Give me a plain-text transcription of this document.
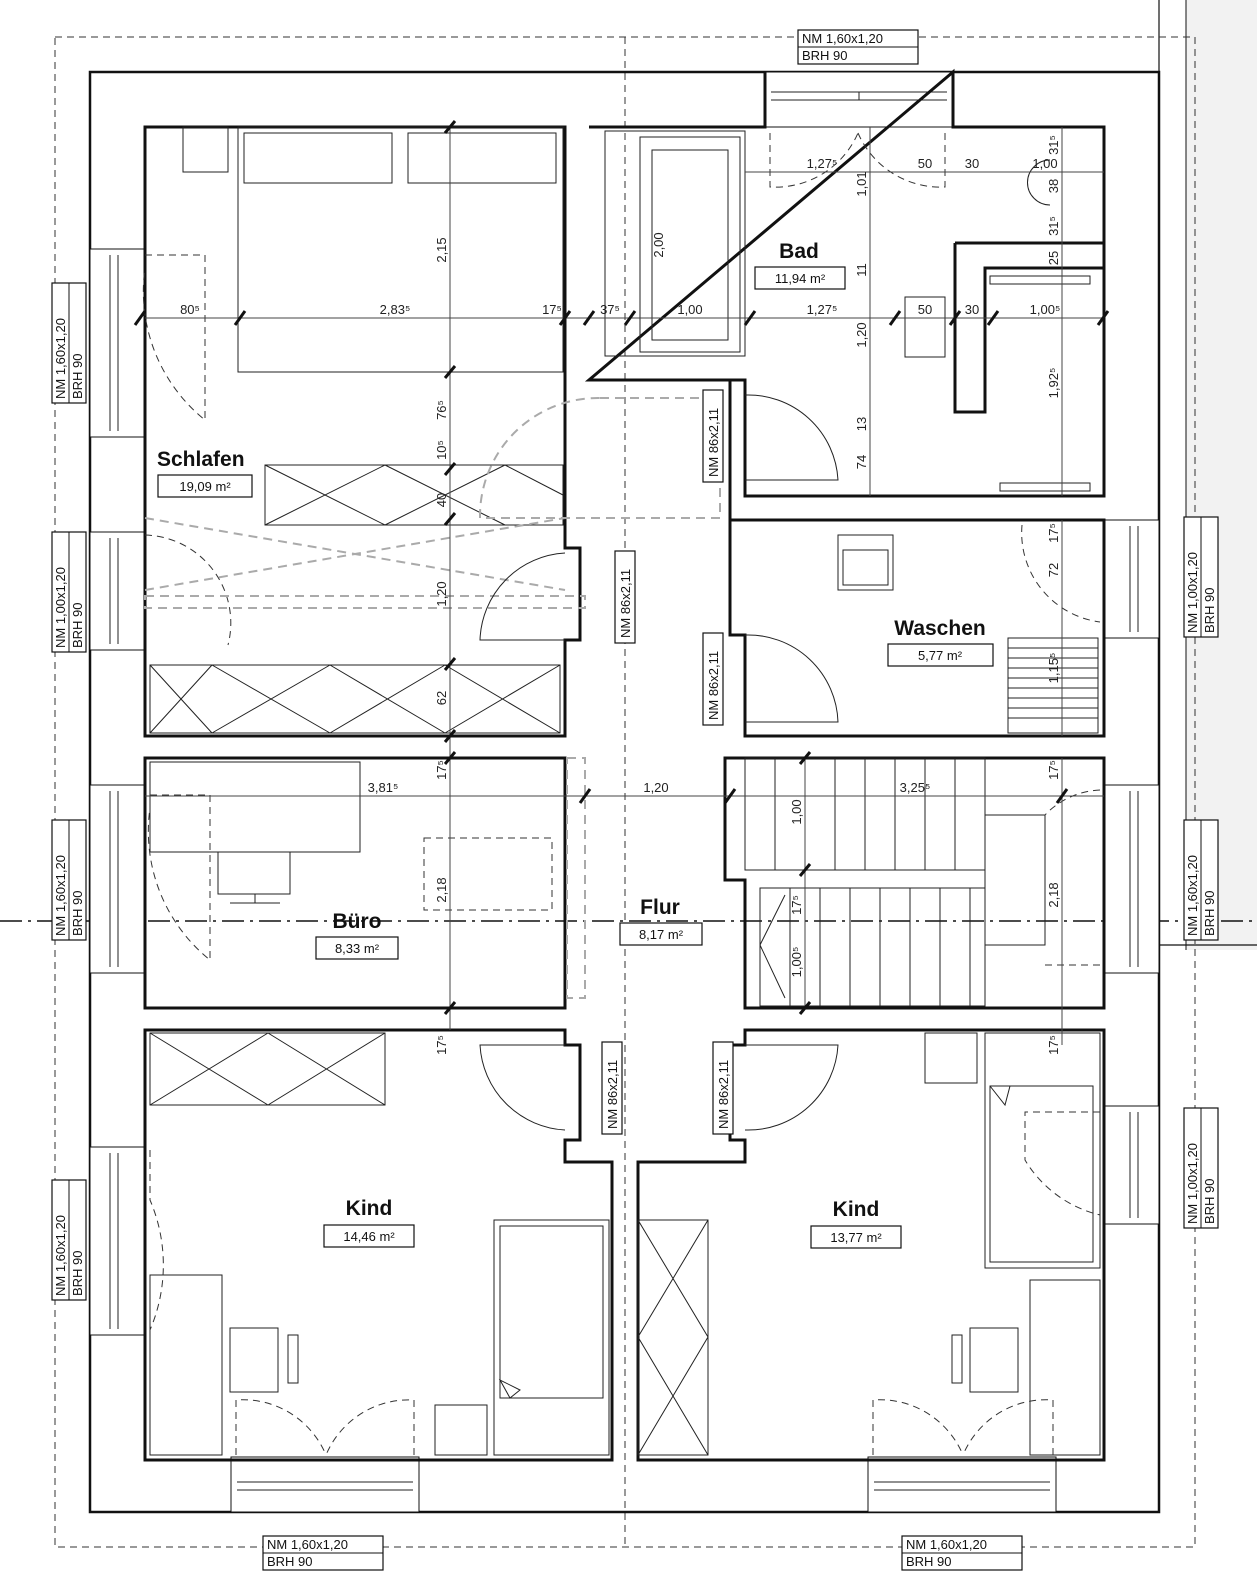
Schlafen
19,09 m²
Bad
11,94 m²
Waschen
5,77 m²
Büro
8,33 m²
Flur
8,17 m²
Kind
14,46 m²
Kind
13,77 m²
NM 1,60x1,20
BRH 90
NM 1,60x1,20
BRH 90
NM 1,60x1,20
BRH 90
NM 1,60x1,20 BRH 90
NM 1,00x1,20 BRH 90
NM 1,60x1,20 BRH 90
NM 1,60x1,20 BRH 90
NM 1,00x1,20 BRH 90
NM 1,60x1,20 BRH 90
NM 1,00x1,20 BRH 90
NM 86x2,11
NM 86x2,11
NM 86x2,11
NM 86x2,11	NM 86x2,11
80⁵	2,83⁵	17⁵	37⁵	1,00	1,27⁵	50	30	1,00⁵
1,27⁵	50	30	1,00
3,81⁵	1,20	3,25⁵
2,15
76⁵
10⁵
40
1,20
62
17⁵
2,18
17⁵
2,00
1,01
11
1,20
13
74
31⁵
38
31⁵
25
1,92⁵
17⁵
72
1,15⁵
17⁵
2,18
17⁵
1,00
17⁵
1,00⁵
